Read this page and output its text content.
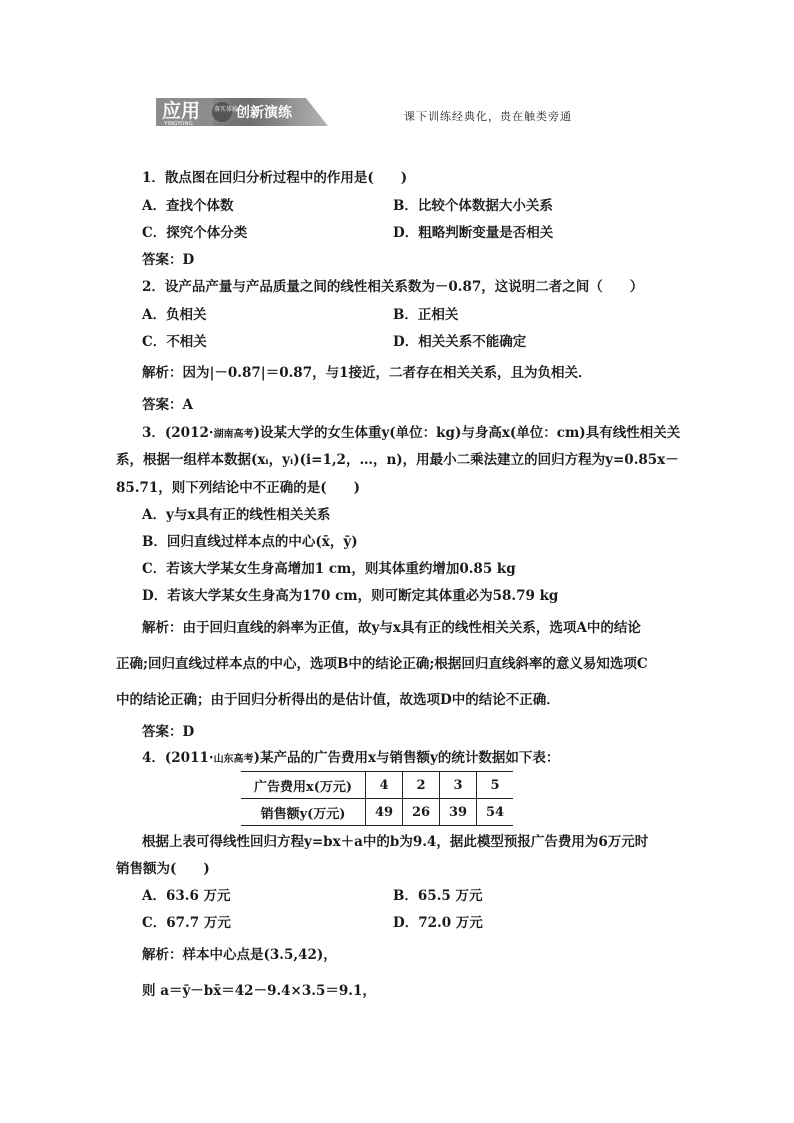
应用
YINGYONG
落实体验
创新演练	课下训练经典化，贵在触类旁通
1．散点图在回归分析过程中的作用是(　　)
A．查找个体数	B．比较个体数据大小关系
C．探究个体分类	D．粗略判断变量是否相关
答案：D
2．设产品产量与产品质量之间的线性相关系数为－0.87，这说明二者之间（　　）
A．负相关	B．正相关
C．不相关	D．相关关系不能确定
解析：因为|－0.87|＝0.87，与1接近，二者存在相关关系，且为负相关．
答案：A
3．(2012·湖南高考)设某大学的女生体重y(单位：kg)与身高x(单位：cm)具有线性相关关
系，根据一组样本数据(xᵢ，yᵢ)(i=1,2，…，n)，用最小二乘法建立的回归方程为y=0.85x－
85.71，则下列结论中不正确的是(　　)
A．y与x具有正的线性相关关系
B．回归直线过样本点的中心(x̄，ȳ)
C．若该大学某女生身高增加1 cm，则其体重约增加0.85 kg
D．若该大学某女生身高为170 cm，则可断定其体重必为58.79 kg
解析：由于回归直线的斜率为正值，故y与x具有正的线性相关关系，选项A中的结论
正确;回归直线过样本点的中心，选项B中的结论正确;根据回归直线斜率的意义易知选项C
中的结论正确；由于回归分析得出的是估计值，故选项D中的结论不正确．
答案：D
4．(2011·山东高考)某产品的广告费用x与销售额y的统计数据如下表：
广告费用x(万元)	4	2	3	5
销售额y(万元)	49	26	39	54
根据上表可得线性回归方程y=bx＋a中的b为9.4，据此模型预报广告费用为6万元时
销售额为(　　)
A．63.6 万元	B．65.5 万元
C．67.7 万元	D．72.0 万元
解析：样本中心点是(3.5,42)，
则 a＝ȳ－bx̄＝42－9.4×3.5＝9.1，
